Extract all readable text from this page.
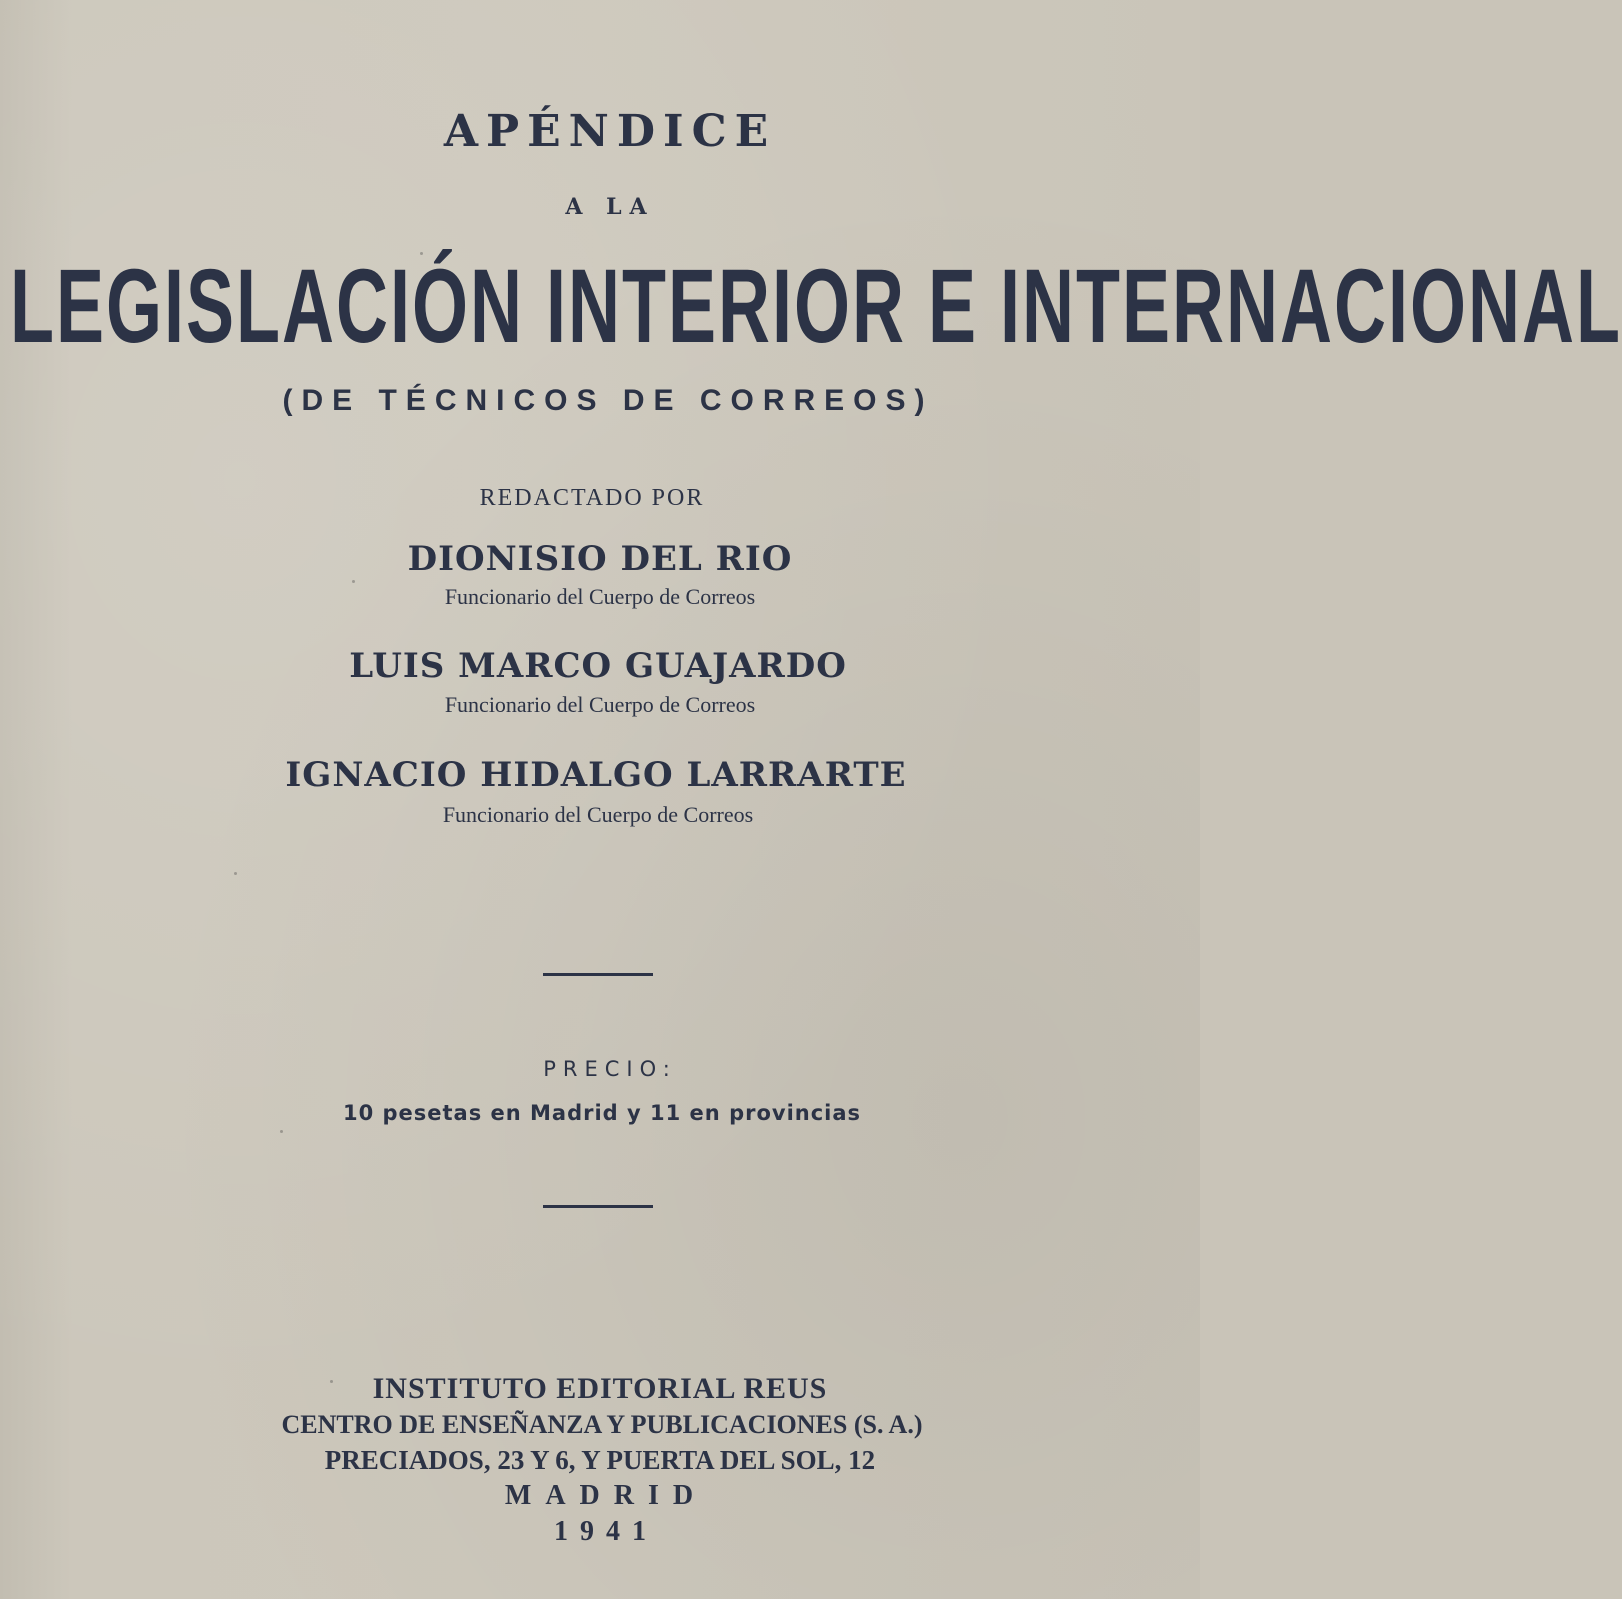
APÉNDICE
A LA
LEGISLACIÓN INTERIOR E INTERNACIONAL
(DE TÉCNICOS DE CORREOS)
REDACTADO POR
DIONISIO DEL RIO
Funcionario del Cuerpo de Correos
LUIS MARCO GUAJARDO
Funcionario del Cuerpo de Correos
IGNACIO HIDALGO LARRARTE
Funcionario del Cuerpo de Correos
PRECIO:
10 pesetas en Madrid y 11 en provincias
INSTITUTO EDITORIAL REUS
CENTRO DE ENSEÑANZA Y PUBLICACIONES (S. A.)
PRECIADOS, 23 Y 6, Y PUERTA DEL SOL, 12
MADRID
1941
